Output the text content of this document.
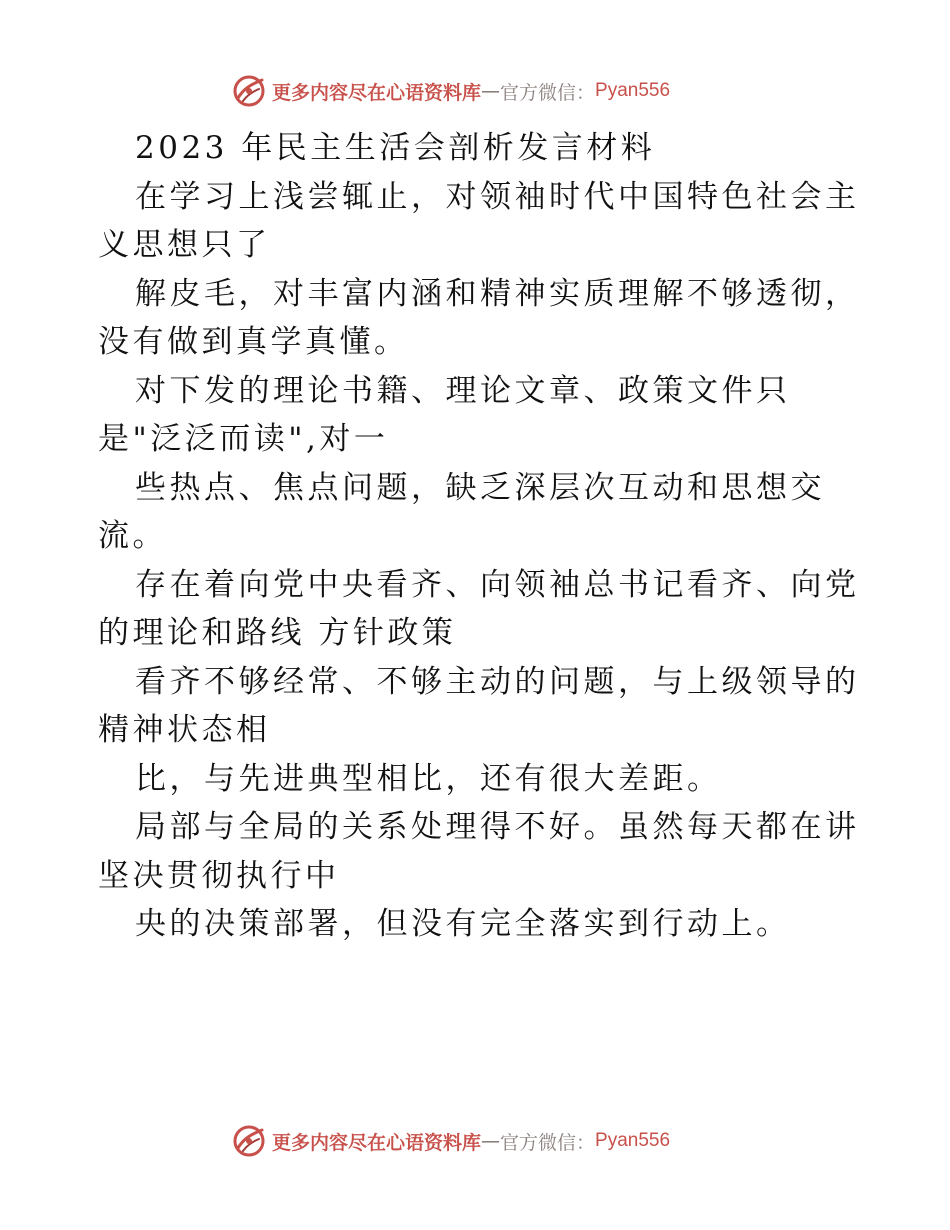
更多内容尽在心语资料库 — 官方微信： Pyan556
2023 年民主生活会剖析发言材料
在学习上浅尝辄止，对领袖时代中国特色社会主
义思想只了
解皮毛，对丰富内涵和精神实质理解不够透彻，
没有做到真学真懂。
对下发的理论书籍、理论文章、政策文件只
是"泛泛而读",对一
些热点、焦点问题，缺乏深层次互动和思想交
流。
存在着向党中央看齐、向领袖总书记看齐、向党
的理论和路线 方针政策
看齐不够经常、不够主动的问题，与上级领导的
精神状态相
比，与先进典型相比，还有很大差距。
局部与全局的关系处理得不好。虽然每天都在讲
坚决贯彻执行中
央的决策部署，但没有完全落实到行动上。
更多内容尽在心语资料库 — 官方微信： Pyan556
